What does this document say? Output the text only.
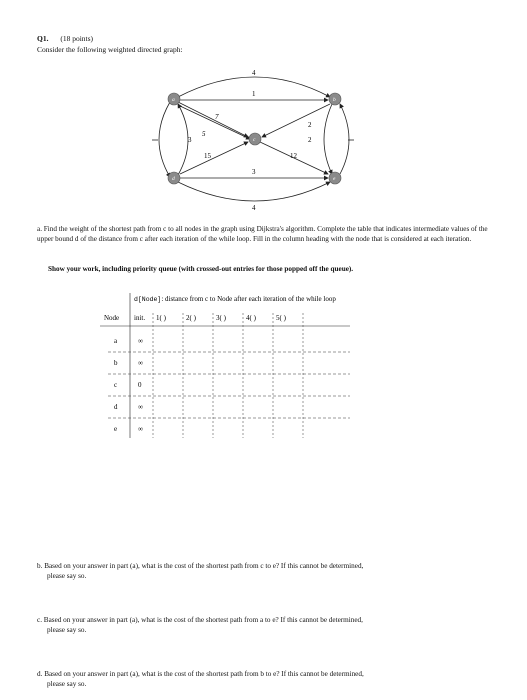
Q1. (18 points)
Consider the following weighted directed graph:
4
1
7
3
5
2
15	12
2
3
4
a	b
c
d	e
a. Find the weight of the shortest path from c to all nodes in the graph using Dijkstra's algorithm. Complete the table that indicates intermediate values of the upper bound d of the distance from c after each iteration of the while loop. Fill in the column heading with the node that is considered at each iteration.
Show your work, including priority queue (with crossed-out entries for those popped off the queue).
d[Node]: distance from c to Node after each iteration of the while loop
Node init. 1( )	2( )	3( )	4( )	5( )
a	∞
b	∞
c	0
d	∞
e	∞
b. Based on your answer in part (a), what is the cost of the shortest path from c to e? If this cannot be determined,
please say so.
c. Based on your answer in part (a), what is the cost of the shortest path from a to e? If this cannot be determined,
please say so.
d. Based on your answer in part (a), what is the cost of the shortest path from b to e? If this cannot be determined,
please say so.
